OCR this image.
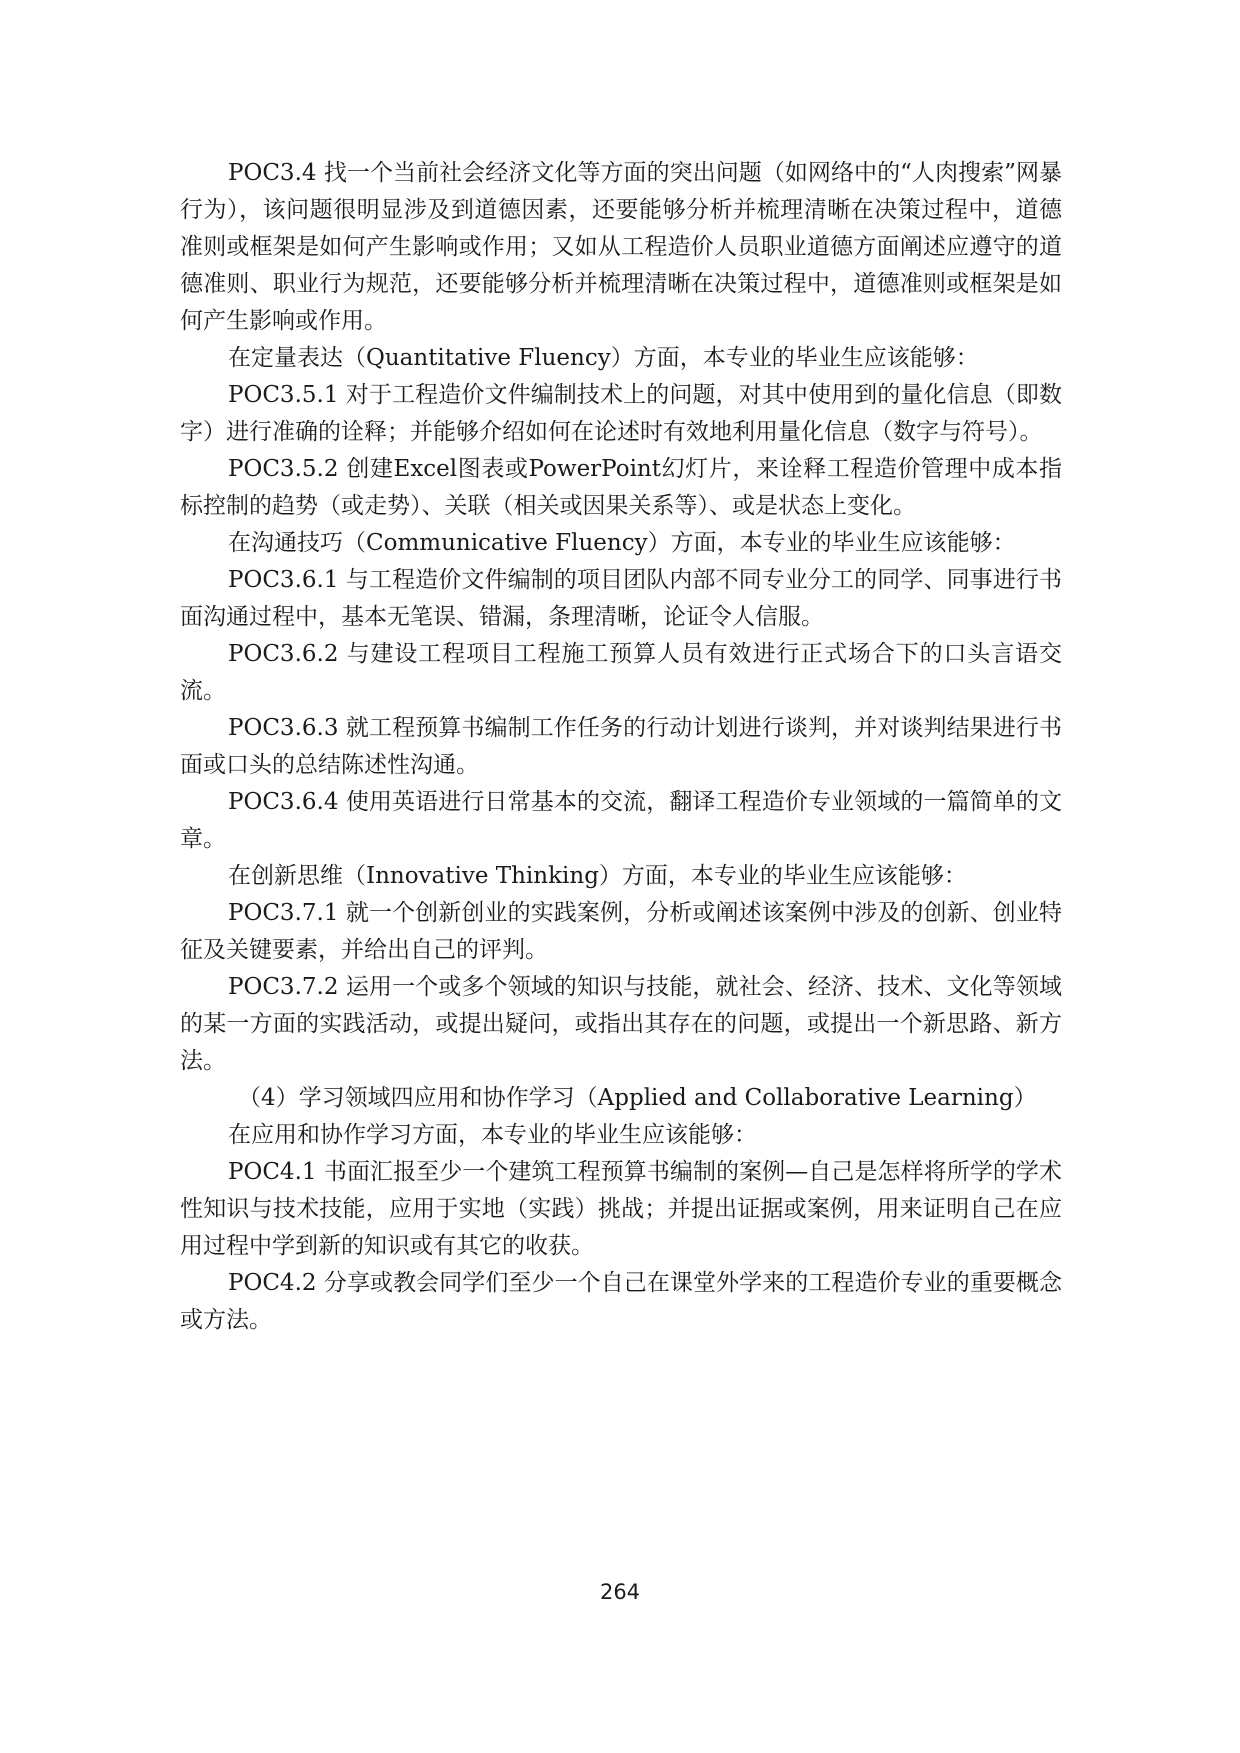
POC3.4 找一个当前社会经济文化等方面的突出问题（如网络中的“人肉搜索”网暴行为），该问题很明显涉及到道德因素，还要能够分析并梳理清晰在决策过程中，道德准则或框架是如何产生影响或作用；又如从工程造价人员职业道德方面阐述应遵守的道德准则、职业行为规范，还要能够分析并梳理清晰在决策过程中，道德准则或框架是如何产生影响或作用。

在定量表达（Quantitative Fluency）方面，本专业的毕业生应该能够：

POC3.5.1 对于工程造价文件编制技术上的问题，对其中使用到的量化信息（即数字）进行准确的诠释；并能够介绍如何在论述时有效地利用量化信息（数字与符号）。

POC3.5.2 创建Excel图表或PowerPoint幻灯片，来诠释工程造价管理中成本指标控制的趋势（或走势）、关联（相关或因果关系等）、或是状态上变化。

在沟通技巧（Communicative Fluency）方面，本专业的毕业生应该能够：

POC3.6.1 与工程造价文件编制的项目团队内部不同专业分工的同学、同事进行书面沟通过程中，基本无笔误、错漏，条理清晰，论证令人信服。

POC3.6.2 与建设工程项目工程施工预算人员有效进行正式场合下的口头言语交流。

POC3.6.3 就工程预算书编制工作任务的行动计划进行谈判，并对谈判结果进行书面或口头的总结陈述性沟通。

POC3.6.4 使用英语进行日常基本的交流，翻译工程造价专业领域的一篇简单的文章。

在创新思维（Innovative Thinking）方面，本专业的毕业生应该能够：

POC3.7.1 就一个创新创业的实践案例，分析或阐述该案例中涉及的创新、创业特征及关键要素，并给出自己的评判。

POC3.7.2 运用一个或多个领域的知识与技能，就社会、经济、技术、文化等领域的某一方面的实践活动，或提出疑问，或指出其存在的问题，或提出一个新思路、新方法。

（4）学习领域四应用和协作学习（Applied and Collaborative Learning）

在应用和协作学习方面，本专业的毕业生应该能够：

POC4.1 书面汇报至少一个建筑工程预算书编制的案例—自己是怎样将所学的学术性知识与技术技能，应用于实地（实践）挑战；并提出证据或案例，用来证明自己在应用过程中学到新的知识或有其它的收获。

POC4.2 分享或教会同学们至少一个自己在课堂外学来的工程造价专业的重要概念或方法。

264
